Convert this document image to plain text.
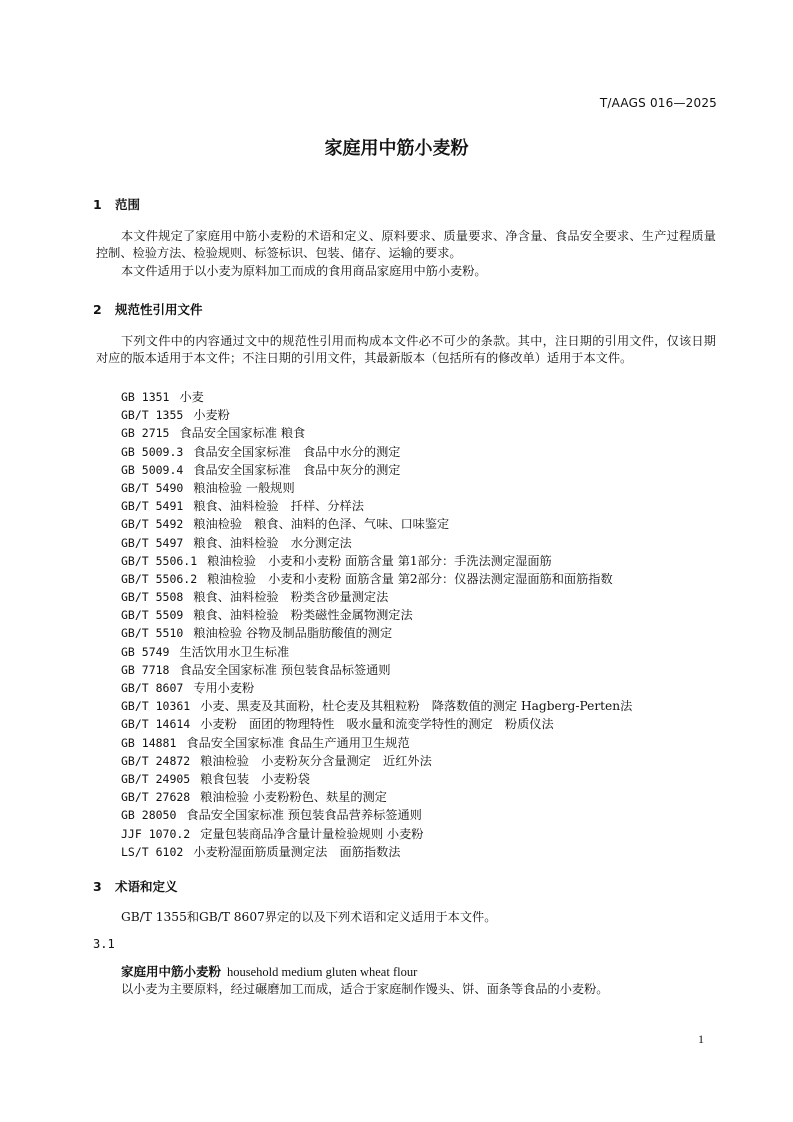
T/AAGS 016—2025
家庭用中筋小麦粉
1 范围
本文件规定了家庭用中筋小麦粉的术语和定义、原料要求、质量要求、净含量、食品安全要求、生产过程质量控制、检验方法、检验规则、标签标识、包装、储存、运输的要求。
本文件适用于以小麦为原料加工而成的食用商品家庭用中筋小麦粉。
2 规范性引用文件
下列文件中的内容通过文中的规范性引用而构成本文件必不可少的条款。其中，注日期的引用文件，仅该日期对应的版本适用于本文件；不注日期的引用文件，其最新版本（包括所有的修改单）适用于本文件。
GB 1351 小麦
GB/T 1355 小麦粉
GB 2715 食品安全国家标准 粮食
GB 5009.3 食品安全国家标准　食品中水分的测定
GB 5009.4 食品安全国家标准　食品中灰分的测定
GB/T 5490 粮油检验 一般规则
GB/T 5491 粮食、油料检验　扦样、分样法
GB/T 5492 粮油检验　粮食、油料的色泽、气味、口味鉴定
GB/T 5497 粮食、油料检验　水分测定法
GB/T 5506.1 粮油检验　小麦和小麦粉 面筋含量 第1部分：手洗法测定湿面筋
GB/T 5506.2 粮油检验　小麦和小麦粉 面筋含量 第2部分：仪器法测定湿面筋和面筋指数
GB/T 5508 粮食、油料检验　粉类含砂量测定法
GB/T 5509 粮食、油料检验　粉类磁性金属物测定法
GB/T 5510 粮油检验 谷物及制品脂肪酸值的测定
GB 5749 生活饮用水卫生标准
GB 7718 食品安全国家标准 预包装食品标签通则
GB/T 8607 专用小麦粉
GB/T 10361 小麦、黑麦及其面粉，杜仑麦及其粗粒粉　降落数值的测定 Hagberg-Perten法
GB/T 14614 小麦粉　面团的物理特性　吸水量和流变学特性的测定　粉质仪法
GB 14881 食品安全国家标准 食品生产通用卫生规范
GB/T 24872 粮油检验　小麦粉灰分含量测定　近红外法
GB/T 24905 粮食包装　小麦粉袋
GB/T 27628 粮油检验 小麦粉粉色、麸星的测定
GB 28050 食品安全国家标准 预包装食品营养标签通则
JJF 1070.2 定量包装商品净含量计量检验规则 小麦粉
LS/T 6102 小麦粉湿面筋质量测定法　面筋指数法
3 术语和定义
GB/T 1355和GB/T 8607界定的以及下列术语和定义适用于本文件。
3.1
家庭用中筋小麦粉 household medium gluten wheat flour
以小麦为主要原料，经过碾磨加工而成，适合于家庭制作馒头、饼、面条等食品的小麦粉。
1
